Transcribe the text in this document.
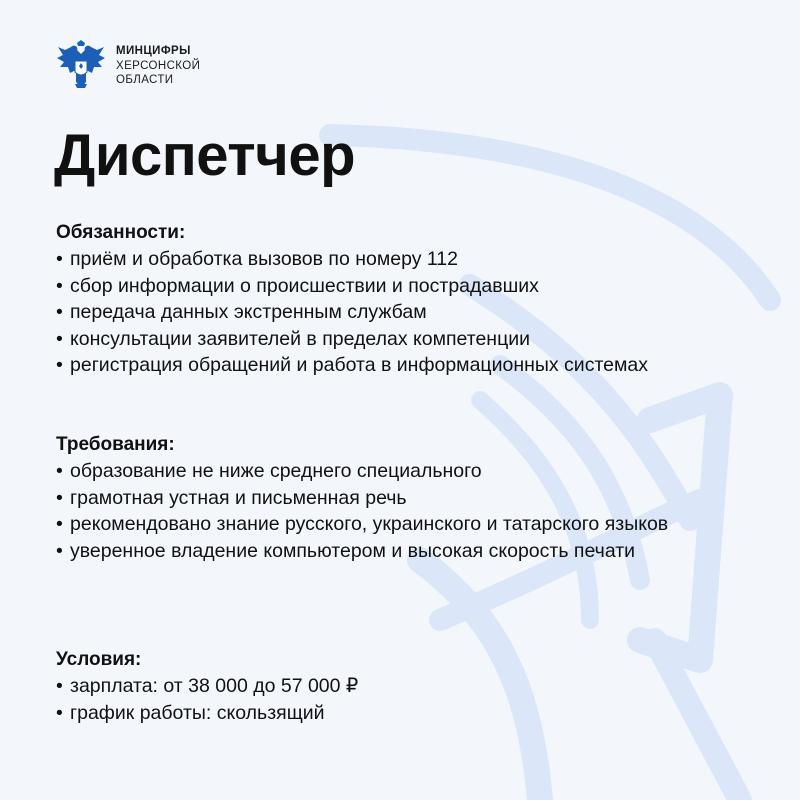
МИНЦИФРЫ
ХЕРСОНСКОЙ
ОБЛАСТИ
Диспетчер
Обязанности:
• приём и обработка вызовов по номеру 112
• сбор информации о происшествии и пострадавших
• передача данных экстренным службам
• консультации заявителей в пределах компетенции
• регистрация обращений и работа в информационных системах
Требования:
• образование не ниже среднего специального
• грамотная устная и письменная речь
• рекомендовано знание русского, украинского и татарского языков
• уверенное владение компьютером и высокая скорость печати
Условия:
• зарплата: от 38 000 до 57 000 ₽
• график работы: скользящий
